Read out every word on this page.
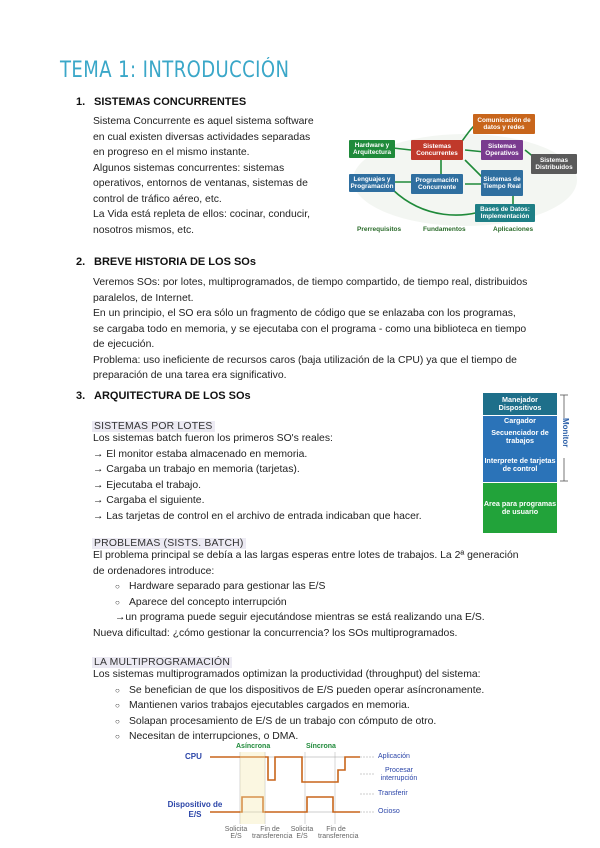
TEMA 1: INTRODUCCIÓN
1. SISTEMAS CONCURRENTES
Sistema Concurrente es aquel sistema software
en cual existen diversas actividades separadas
en progreso en el mismo instante.
Algunos sistemas concurrentes: sistemas
operativos, entornos de ventanas, sistemas de
control de tráfico aéreo, etc.
La Vida está repleta de ellos: cocinar, conducir,
nosotros mismos, etc.
Hardware y Arquitectura
Sistemas Concurrentes
Lenguajes y Programación
Programación Concurrente
Comunicación de datos y redes
Sistemas Operativos
Sistemas Distribuidos
Sistemas de Tiempo Real
Bases de Datos: Implementación
Prerrequisitos	Fundamentos	Aplicaciones
2. BREVE HISTORIA DE LOS SOs
Veremos SOs: por lotes, multiprogramados, de tiempo compartido, de tiempo real, distribuidos
paralelos, de Internet.
En un principio, el SO era sólo un fragmento de código que se enlazaba con los programas,
se cargaba todo en memoria, y se ejecutaba con el programa - como una biblioteca en tiempo
de ejecución.
Problema: uso ineficiente de recursos caros (baja utilización de la CPU) ya que el tiempo de
preparación de una tarea era significativo.
3. ARQUITECTURA DE LOS SOs
SISTEMAS POR LOTES
Los sistemas batch fueron los primeros SO's reales:
→ El monitor estaba almacenado en memoria.
→ Cargaba un trabajo en memoria (tarjetas).
→ Ejecutaba el trabajo.
→ Cargaba el siguiente.
→ Las tarjetas de control en el archivo de entrada indicaban que hacer.
Manejador Dispositivos
Cargador
Secuenciador de trabajos
Interprete de tarjetas de control
Area para programas de usuario
Monitor
PROBLEMAS (SISTS. BATCH)
El problema principal se debía a las largas esperas entre lotes de trabajos. La 2ª generación
de ordenadores introduce:
○ Hardware separado para gestionar las E/S
○ Aparece del concepto interrupción
→un programa puede seguir ejecutándose mientras se está realizando una E/S.
Nueva dificultad: ¿cómo gestionar la concurrencia? los SOs multiprogramados.
LA MULTIPROGRAMACIÓN
Los sistemas multiprogramados optimizan la productividad (throughput) del sistema:
○ Se benefician de que los dispositivos de E/S pueden operar asíncronamente.
○ Mantienen varios trabajos ejecutables cargados en memoria.
○ Solapan procesamiento de E/S de un trabajo con cómputo de otro.
○ Necesitan de interrupciones, o DMA.
CPU
Dispositivo de E/S
Asíncrona	Síncrona
Aplicación
Procesar interrupción
Transferir
Ocioso
Solicita E/S
Fin de transferencia
Solicita E/S
Fin de transferencia
